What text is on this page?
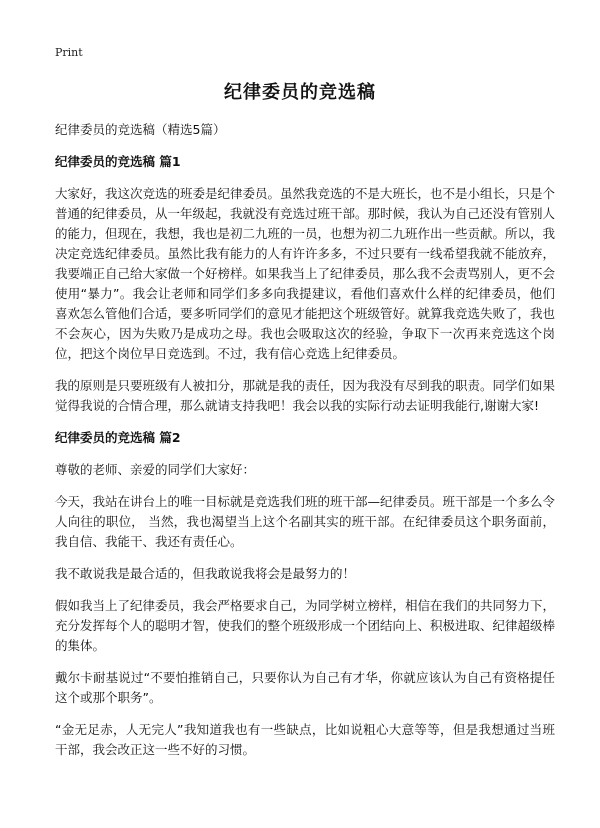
Print
纪律委员的竞选稿
纪律委员的竞选稿（精选5篇）
纪律委员的竞选稿 篇1

大家好，我这次竞选的班委是纪律委员。虽然我竞选的不是大班长，也不是小组长，只是个普通的纪律委员，从一年级起，我就没有竞选过班干部。那时候，我认为自己还没有管别人的能力，但现在，我想，我也是初二九班的一员，也想为初二九班作出一些贡献。所以，我决定竞选纪律委员。虽然比我有能力的人有许许多多，不过只要有一线希望我就不能放弃，我要端正自己给大家做一个好榜样。如果我当上了纪律委员，那么我不会责骂别人，更不会使用“暴力”。我会让老师和同学们多多向我提建议，看他们喜欢什么样的纪律委员，他们喜欢怎么管他们合适，要多听同学们的意见才能把这个班级管好。就算我竞选失败了，我也不会灰心，因为失败乃是成功之母。我也会吸取这次的经验，争取下一次再来竞选这个岗位，把这个岗位早日竞选到。不过，我有信心竞选上纪律委员。

我的原则是只要班级有人被扣分，那就是我的责任，因为我没有尽到我的职责。同学们如果觉得我说的合情合理，那么就请支持我吧！我会以我的实际行动去证明我能行,谢谢大家!

纪律委员的竞选稿 篇2

尊敬的老师、亲爱的同学们大家好：

今天，我站在讲台上的唯一目标就是竞选我们班的班干部—纪律委员。班干部是一个多么令人向往的职位， 当然，我也渴望当上这个名副其实的班干部。在纪律委员这个职务面前，我自信、我能干、我还有责任心。

我不敢说我是最合适的，但我敢说我将会是最努力的！

假如我当上了纪律委员，我会严格要求自己，为同学树立榜样，相信在我们的共同努力下，充分发挥每个人的聪明才智，使我们的整个班级形成一个团结向上、积极进取、纪律超级棒的集体。

戴尔卡耐基说过“不要怕推销自己，只要你认为自己有才华，你就应该认为自己有资格提任这个或那个职务”。

“金无足赤，人无完人”我知道我也有一些缺点，比如说粗心大意等等，但是我想通过当班干部，我会改正这一些不好的习惯。
